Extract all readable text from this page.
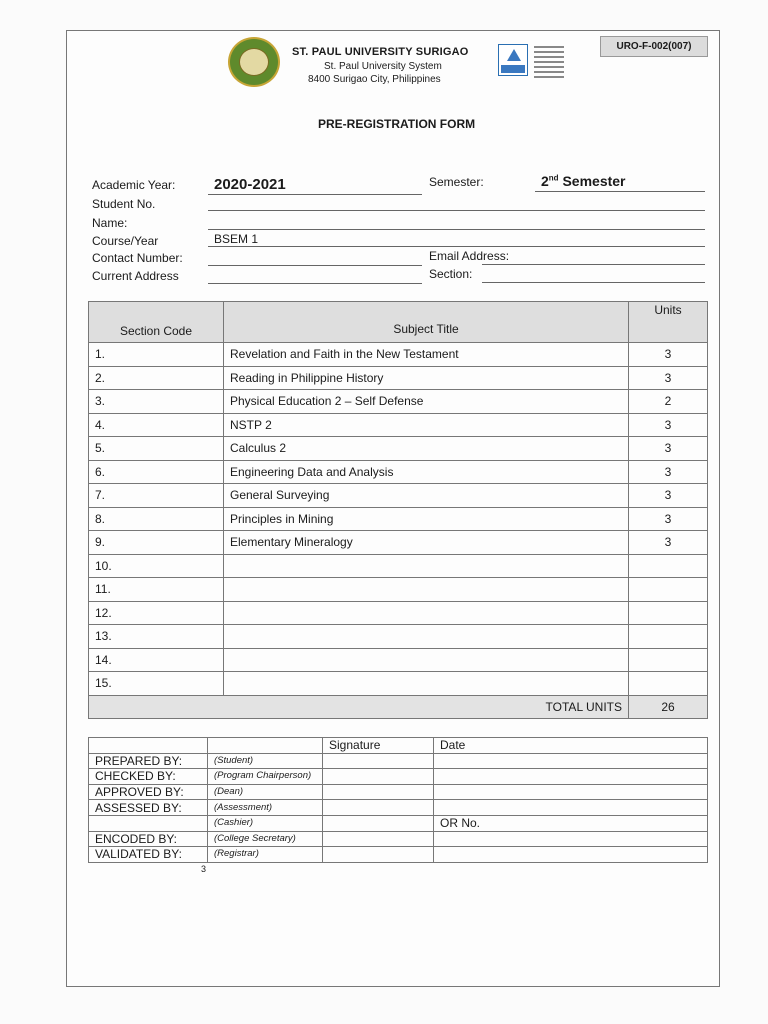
ST. PAUL UNIVERSITY SURIGAO
St. Paul University System
8400 Surigao City, Philippines
URO-F-002(007)
PRE-REGISTRATION FORM
Academic Year:	2020-2021	Semester:	2nd Semester
Student No.
Name:
Course/Year	BSEM 1
Contact Number:	Email Address:
Current Address	Section:
Section Code	Subject Title	Units
1.	Revelation and Faith in the New Testament	3
2.	Reading in Philippine History	3
3.	Physical Education 2 – Self Defense	2
4.	NSTP 2	3
5.	Calculus 2	3
6.	Engineering Data and Analysis	3
7.	General Surveying	3
8.	Principles in Mining	3
9.	Elementary Mineralogy	3
10.		
11.		
12.		
13.		
14.		
15.		
TOTAL UNITS		26
		Signature	Date
PREPARED BY:	(Student)		
CHECKED BY:	(Program Chairperson)		
APPROVED BY:	(Dean)		
ASSESSED BY:	(Assessment)		
	(Cashier)		OR No.
ENCODED BY:	(College Secretary)		
VALIDATED BY:	(Registrar)		
3
